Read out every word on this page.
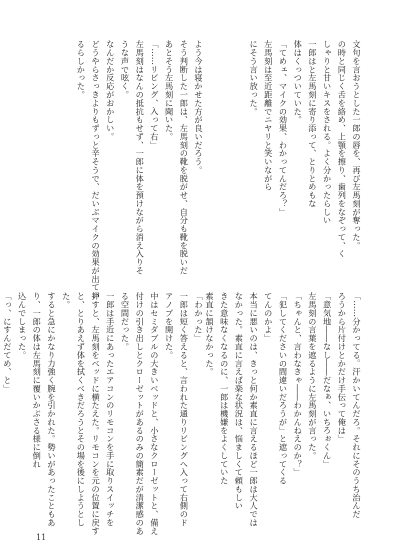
文句を言おうとした一郎の唇を、再び左馬刻が奪った。
の時と同じく舌を絡め、上顎を擦り、歯列をなぞって、く
しゃりと甘いキスをされる。よく分かったらしい
一郎はと左馬刻に寄り添って、とりとめもな
体はくっついていた。
「てめェ、マイクの効果、わかってんだろ？」
左馬刻は至近距離でニヤリと笑いながら
にそう言い放った。
よう今は寝かせた方が良いだろう。
そう判断した一郎は、左馬刻の靴を脱がせ、自分も靴を脱いだ
あとそう左馬刻に聞いた。
「……リビング、入って右」
左馬刻はなんの抵抗もせず、一郎に体を預けながら消え入りそ
うな声で呟く。
なんだか反応がおかしい。
どうやらさっきよりもずっと辛そうで、だいぶマイクの効果が出てい
るらしかった。
「……分かってる。汗かいてんだろ。それにそのうち治んだ
ろうから片付けとかだけ手伝って俺は」
「意気地――なし――だなぁ、いちろぉくん」
左馬刻の言葉を遮るように左馬刻が言った。
「ちゃんと、言わなきゃ――わかんねえのか？」
「犯してくださいの間違いだろうが」と遮ってくる
てんのかよ」
本当に悪いのは、きっと何か素直に言えるほど一郎は大人では
なかった。素直に言えば楽な状況は、悩ましくて頼もしい
きた意味なくなるのに、一郎は機嫌をよくしていた
素直に頷けなかった。
「わかった」
一郎は短く答えると、言われた通りリビングへ入って右側のド
アノブを開けた。
中はセミダブルの大きいベッドと、小さなクローゼットと、備え
付けの引き出しとクローゼットがあるのみの簡素だが清潔感のあ
る空間だった。
一郎は手近にあったエアコンのリモコンを手に取りスイッチを
押すと、左馬刻をベッドに横たえた。リモコンを元の位置に戻す
と、とりあえず体を拭くべきだろうとその場を後にしようとし
た。
すると急にかなり力強く腕を引かれた。勢いがあったこともあ
り、一郎の体は左馬刻に覆いかぶさる様に倒れ
込んでしまった。
「っ、にすんだてめ、と」
11
